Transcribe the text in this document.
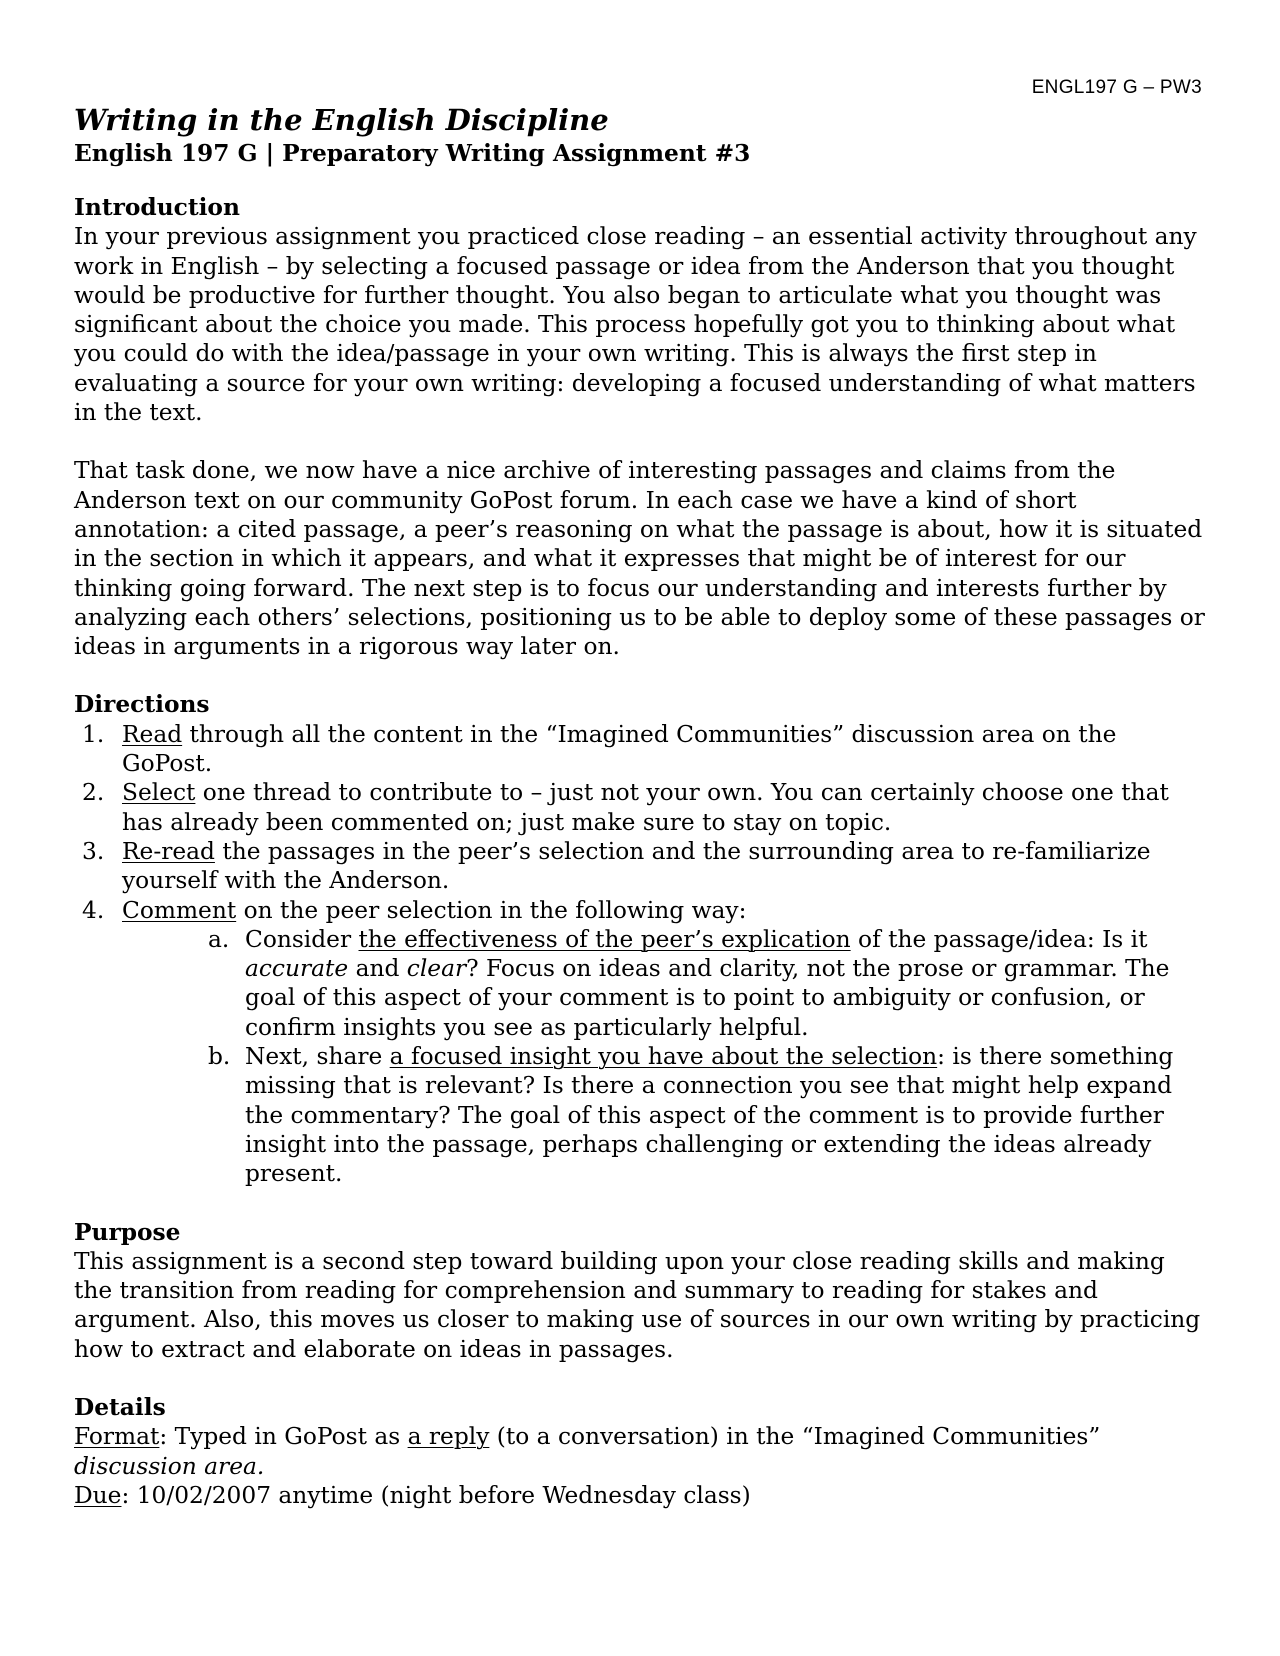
ENGL197 G – PW3
Writing in the English Discipline
English 197 G | Preparatory Writing Assignment #3
Introduction

In your previous assignment you practiced close reading – an essential activity throughout any work in English – by selecting a focused passage or idea from the Anderson that you thought would be productive for further thought. You also began to articulate what you thought was significant about the choice you made. This process hopefully got you to thinking about what you could do with the idea/passage in your own writing. This is always the first step in evaluating a source for your own writing: developing a focused understanding of what matters in the text.

That task done, we now have a nice archive of interesting passages and claims from the Anderson text on our community GoPost forum. In each case we have a kind of short annotation: a cited passage, a peer’s reasoning on what the passage is about, how it is situated in the section in which it appears, and what it expresses that might be of interest for our thinking going forward. The next step is to focus our understanding and interests further by analyzing each others’ selections, positioning us to be able to deploy some of these passages or ideas in arguments in a rigorous way later on.

Directions
1. Read through all the content in the “Imagined Communities” discussion area on the GoPost.
2. Select one thread to contribute to – just not your own. You can certainly choose one that has already been commented on; just make sure to stay on topic.
3. Re-read the passages in the peer’s selection and the surrounding area to re-familiarize yourself with the Anderson.
4. Comment on the peer selection in the following way:
a. Consider the effectiveness of the peer’s explication of the passage/idea: Is it accurate and clear? Focus on ideas and clarity, not the prose or grammar. The goal of this aspect of your comment is to point to ambiguity or confusion, or confirm insights you see as particularly helpful.
b. Next, share a focused insight you have about the selection: is there something missing that is relevant? Is there a connection you see that might help expand the commentary? The goal of this aspect of the comment is to provide further insight into the passage, perhaps challenging or extending the ideas already present.
Purpose

This assignment is a second step toward building upon your close reading skills and making the transition from reading for comprehension and summary to reading for stakes and argument. Also, this moves us closer to making use of sources in our own writing by practicing how to extract and elaborate on ideas in passages.

Details

Format: Typed in GoPost as a reply (to a conversation) in the “Imagined Communities” discussion area.

Due: 10/02/2007 anytime (night before Wednesday class)
